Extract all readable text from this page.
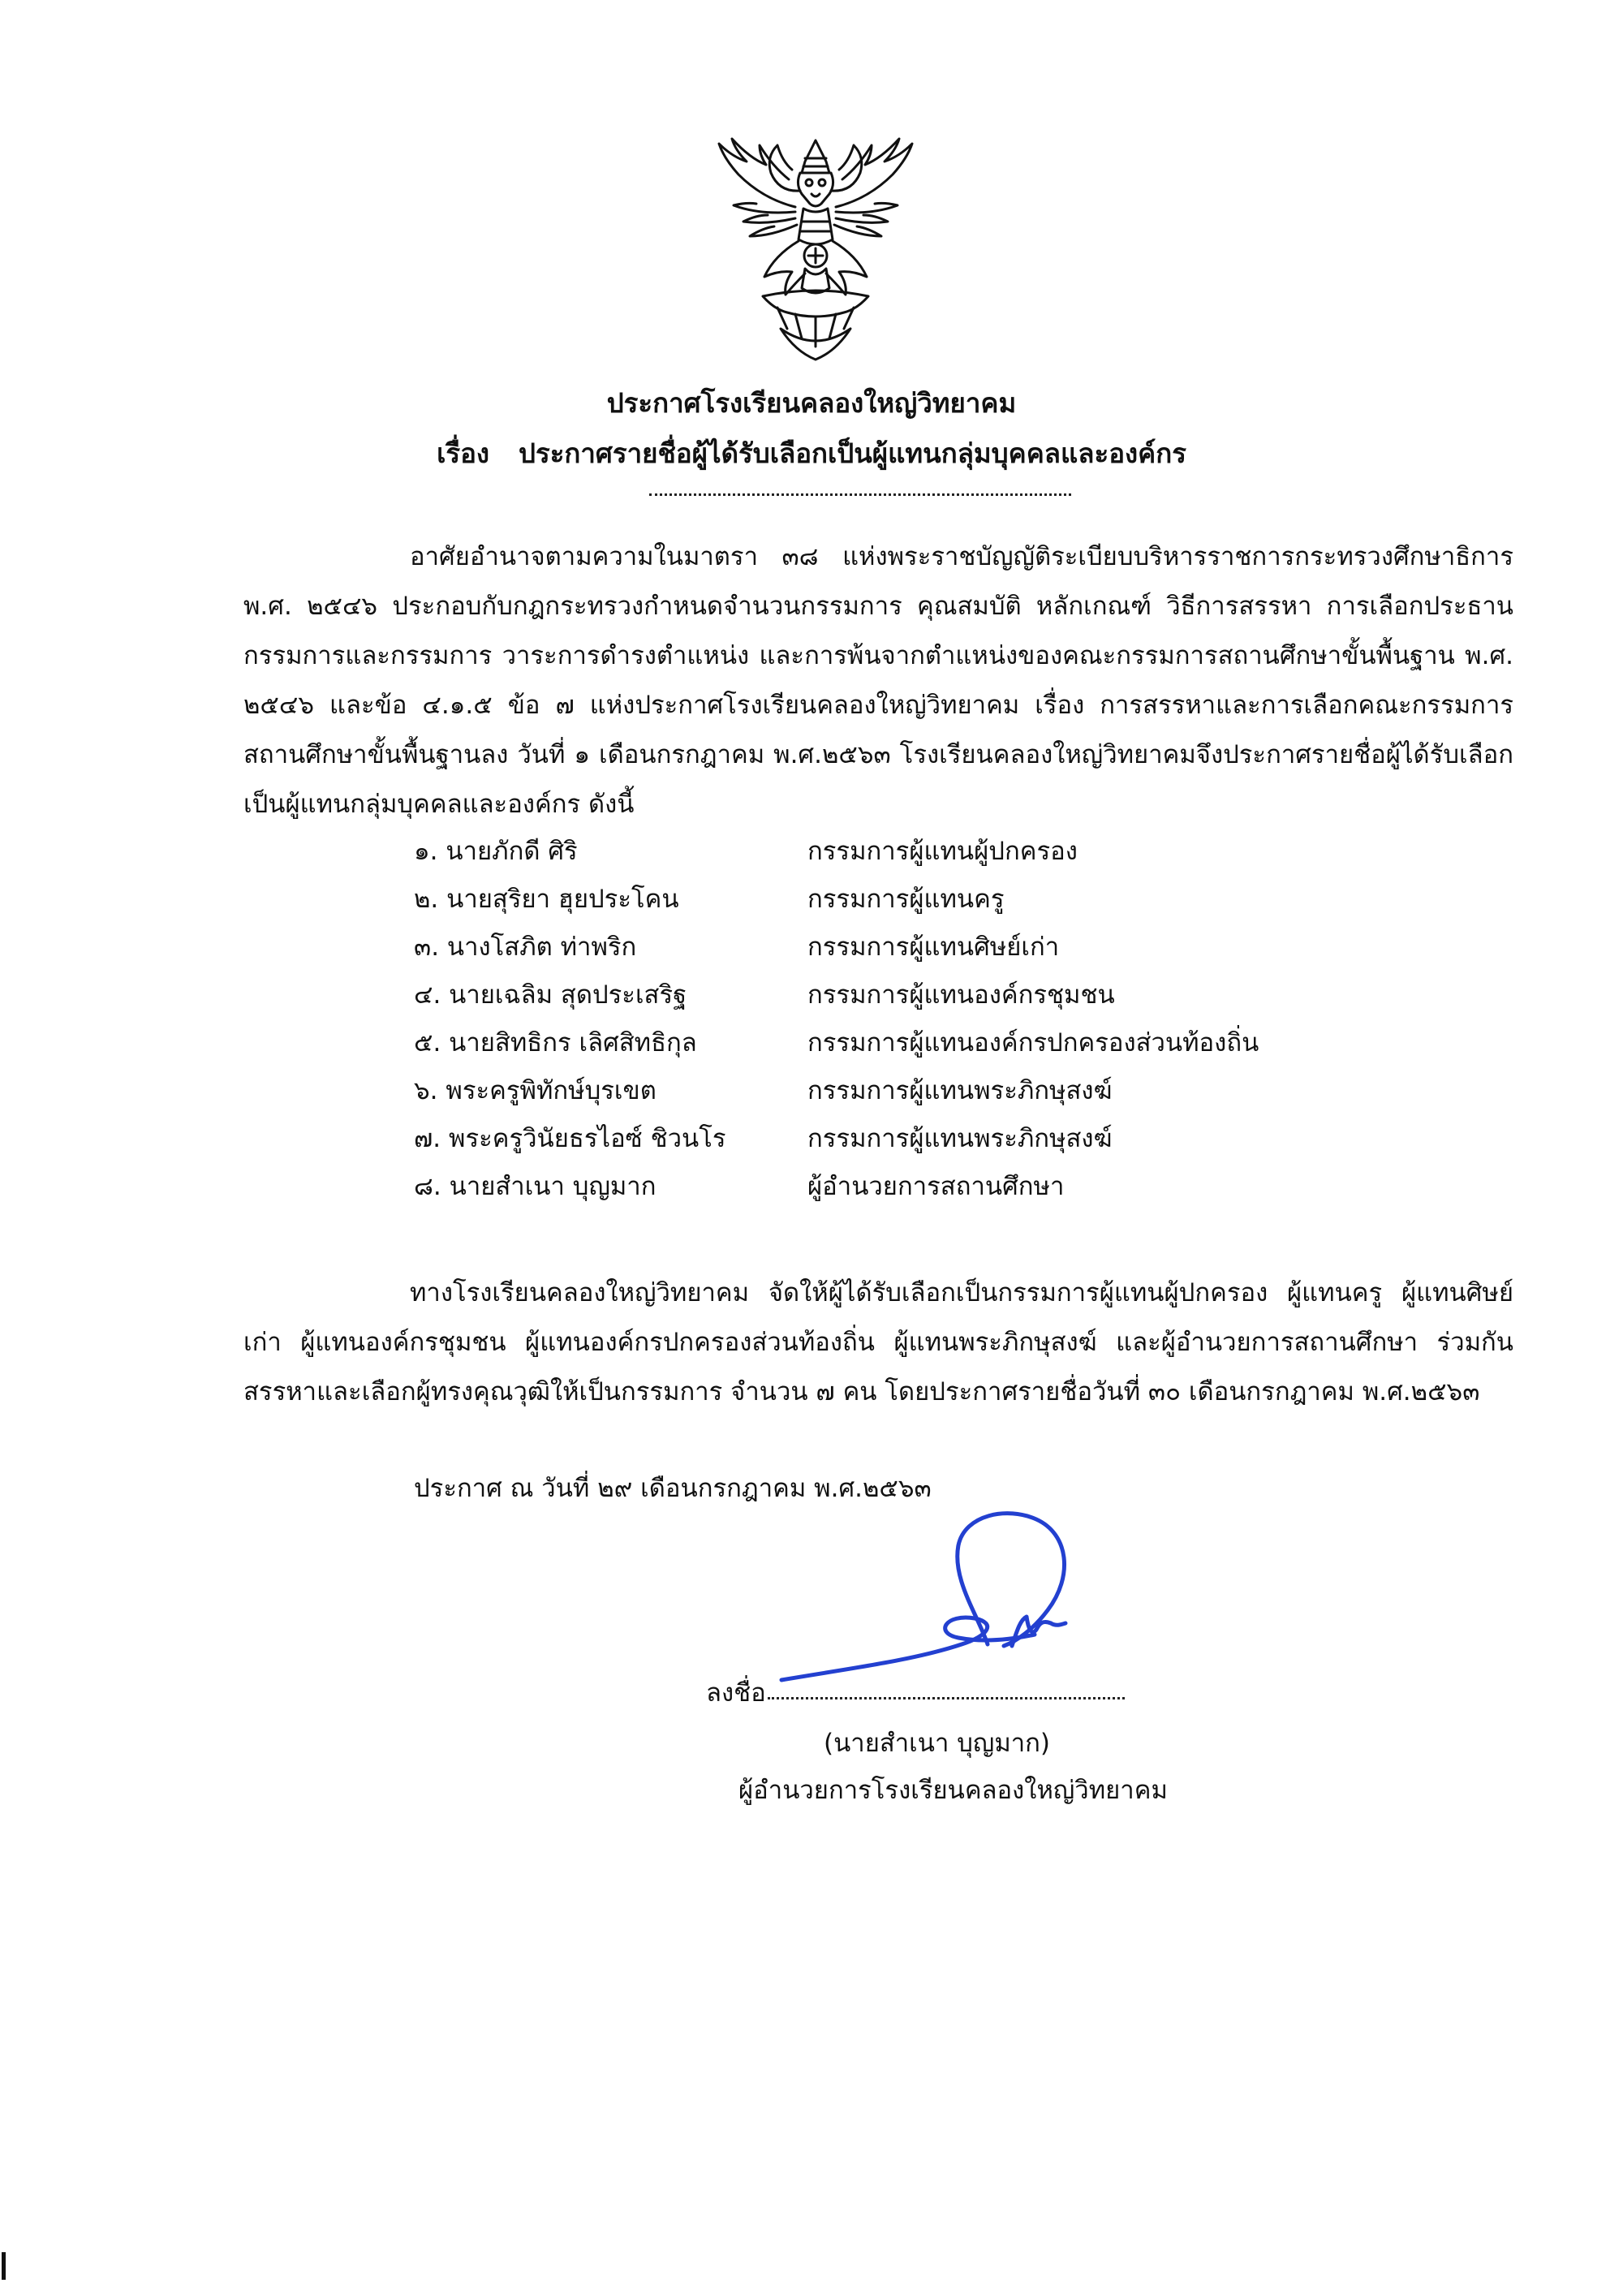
ประกาศโรงเรียนคลองใหญ่วิทยาคม
เรื่อง ประกาศรายชื่อผู้ได้รับเลือกเป็นผู้แทนกลุ่มบุคคลและองค์กร
อาศัยอำนาจตามความในมาตรา ๓๘ แห่งพระราชบัญญัติระเบียบบริหารราชการกระทรวงศึกษาธิการ พ.ศ. ๒๕๔๖ ประกอบกับกฎกระทรวงกำหนดจำนวนกรรมการ คุณสมบัติ หลักเกณฑ์ วิธีการสรรหา การเลือกประธานกรรมการและกรรมการ วาระการดำรงตำแหน่ง และการพ้นจากตำแหน่งของคณะกรรมการสถานศึกษาขั้นพื้นฐาน พ.ศ. ๒๕๔๖ และข้อ ๔.๑.๕ ข้อ ๗ แห่งประกาศโรงเรียนคลองใหญ่วิทยาคม เรื่อง การสรรหาและการเลือกคณะกรรมการสถานศึกษาขั้นพื้นฐานลง วันที่ ๑ เดือนกรกฎาคม พ.ศ.๒๕๖๓ โรงเรียนคลองใหญ่วิทยาคมจึงประกาศรายชื่อผู้ได้รับเลือกเป็นผู้แทนกลุ่มบุคคลและองค์กร ดังนี้
๑. นายภักดี ศิริ	กรรมการผู้แทนผู้ปกครอง
๒. นายสุริยา ฮุยประโคน	กรรมการผู้แทนครู
๓. นางโสภิต ท่าพริก	กรรมการผู้แทนศิษย์เก่า
๔. นายเฉลิม สุดประเสริฐ	กรรมการผู้แทนองค์กรชุมชน
๕. นายสิทธิกร เลิศสิทธิกุล	กรรมการผู้แทนองค์กรปกครองส่วนท้องถิ่น
๖. พระครูพิทักษ์บุรเขต	กรรมการผู้แทนพระภิกษุสงฆ์
๗. พระครูวินัยธรไอซ์ ชิวนโร	กรรมการผู้แทนพระภิกษุสงฆ์
๘. นายสำเนา บุญมาก	ผู้อำนวยการสถานศึกษา
ทางโรงเรียนคลองใหญ่วิทยาคม จัดให้ผู้ได้รับเลือกเป็นกรรมการผู้แทนผู้ปกครอง ผู้แทนครู ผู้แทนศิษย์เก่า ผู้แทนองค์กรชุมชน ผู้แทนองค์กรปกครองส่วนท้องถิ่น ผู้แทนพระภิกษุสงฆ์ และผู้อำนวยการสถานศึกษา ร่วมกันสรรหาและเลือกผู้ทรงคุณวุฒิให้เป็นกรรมการ จำนวน ๗ คน โดยประกาศรายชื่อวันที่ ๓๐ เดือนกรกฎาคม พ.ศ.๒๕๖๓
ประกาศ ณ วันที่ ๒๙ เดือนกรกฎาคม พ.ศ.๒๕๖๓
ลงชื่อ
(นายสำเนา บุญมาก)
ผู้อำนวยการโรงเรียนคลองใหญ่วิทยาคม
